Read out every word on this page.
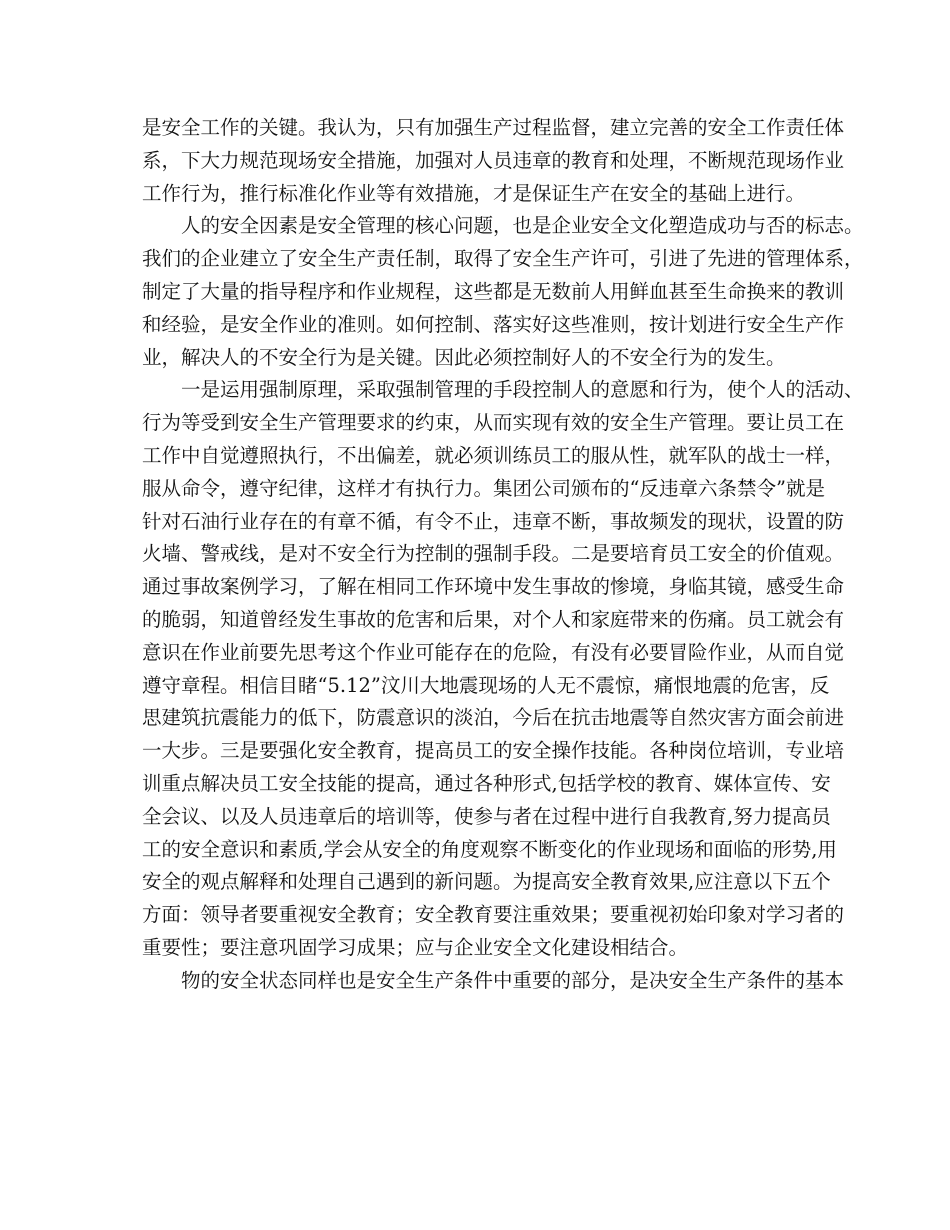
是安全工作的关键。我认为，只有加强生产过程监督，建立完善的安全工作责任体
系，下大力规范现场安全措施，加强对人员违章的教育和处理，不断规范现场作业
工作行为，推行标准化作业等有效措施，才是保证生产在安全的基础上进行。
人的安全因素是安全管理的核心问题，也是企业安全文化塑造成功与否的标志。
我们的企业建立了安全生产责任制，取得了安全生产许可，引进了先进的管理体系，
制定了大量的指导程序和作业规程，这些都是无数前人用鲜血甚至生命换来的教训
和经验，是安全作业的准则。如何控制、落实好这些准则，按计划进行安全生产作
业，解决人的不安全行为是关键。因此必须控制好人的不安全行为的发生。
一是运用强制原理，采取强制管理的手段控制人的意愿和行为，使个人的活动、
行为等受到安全生产管理要求的约束，从而实现有效的安全生产管理。要让员工在
工作中自觉遵照执行，不出偏差，就必须训练员工的服从性，就军队的战士一样，
服从命令，遵守纪律，这样才有执行力。集团公司颁布的“反违章六条禁令”就是
针对石油行业存在的有章不循，有令不止，违章不断，事故频发的现状，设置的防
火墙、警戒线，是对不安全行为控制的强制手段。二是要培育员工安全的价值观。
通过事故案例学习，了解在相同工作环境中发生事故的惨境，身临其镜，感受生命
的脆弱，知道曾经发生事故的危害和后果，对个人和家庭带来的伤痛。员工就会有
意识在作业前要先思考这个作业可能存在的危险，有没有必要冒险作业，从而自觉
遵守章程。相信目睹“5.12”汶川大地震现场的人无不震惊，痛恨地震的危害，反
思建筑抗震能力的低下，防震意识的淡泊，今后在抗击地震等自然灾害方面会前进
一大步。三是要强化安全教育，提高员工的安全操作技能。各种岗位培训，专业培
训重点解决员工安全技能的提高，通过各种形式,包括学校的教育、媒体宣传、安
全会议、以及人员违章后的培训等，使参与者在过程中进行自我教育,努力提高员
工的安全意识和素质,学会从安全的角度观察不断变化的作业现场和面临的形势,用
安全的观点解释和处理自己遇到的新问题。为提高安全教育效果,应注意以下五个
方面：领导者要重视安全教育；安全教育要注重效果；要重视初始印象对学习者的
重要性；要注意巩固学习成果；应与企业安全文化建设相结合。
物的安全状态同样也是安全生产条件中重要的部分，是决安全生产条件的基本
